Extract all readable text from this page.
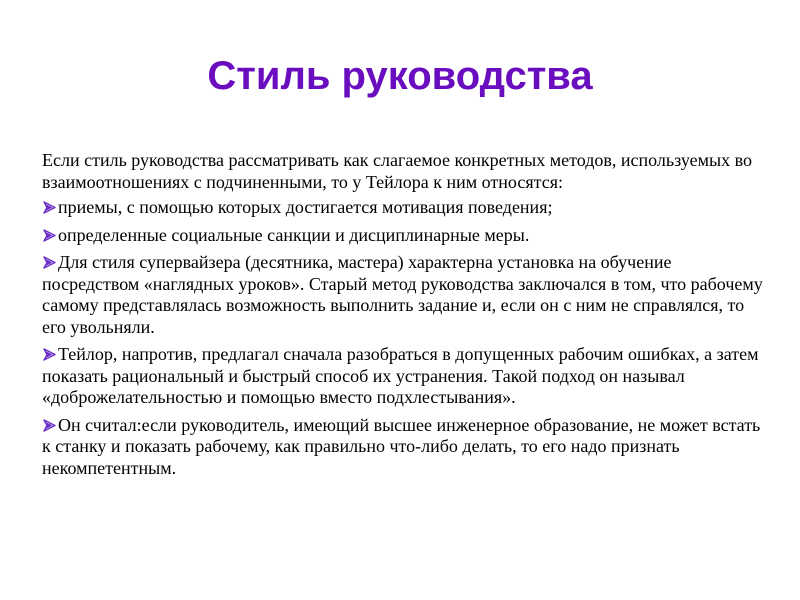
Стиль руководства

Если стиль руководства рассматривать как слагаемое конкретных методов, используемых во взаимоотношениях с подчиненными, то у Тейлора к ним относятся:

приемы, с помощью которых достигается мотивация поведения;
определенные социальные санкции и дисциплинарные меры.
Для стиля супервайзера (десятника, мастера) характерна установка на обучение посредством «наглядных уроков». Старый метод руководства заключался в том, что рабочему самому представлялась возможность выполнить задание и, если он с ним не справлялся, то его увольняли.
Тейлор, напротив, предлагал сначала разобраться в допущенных рабочим ошибках, а затем показать рациональный и быстрый способ их устранения. Такой подход он называл «доброжелательностью и помощью вместо подхлестывания».
Он считал:если руководитель, имеющий высшее инженерное образование, не может встать к станку и показать рабочему, как правильно что-либо делать, то его надо признать некомпетентным.
